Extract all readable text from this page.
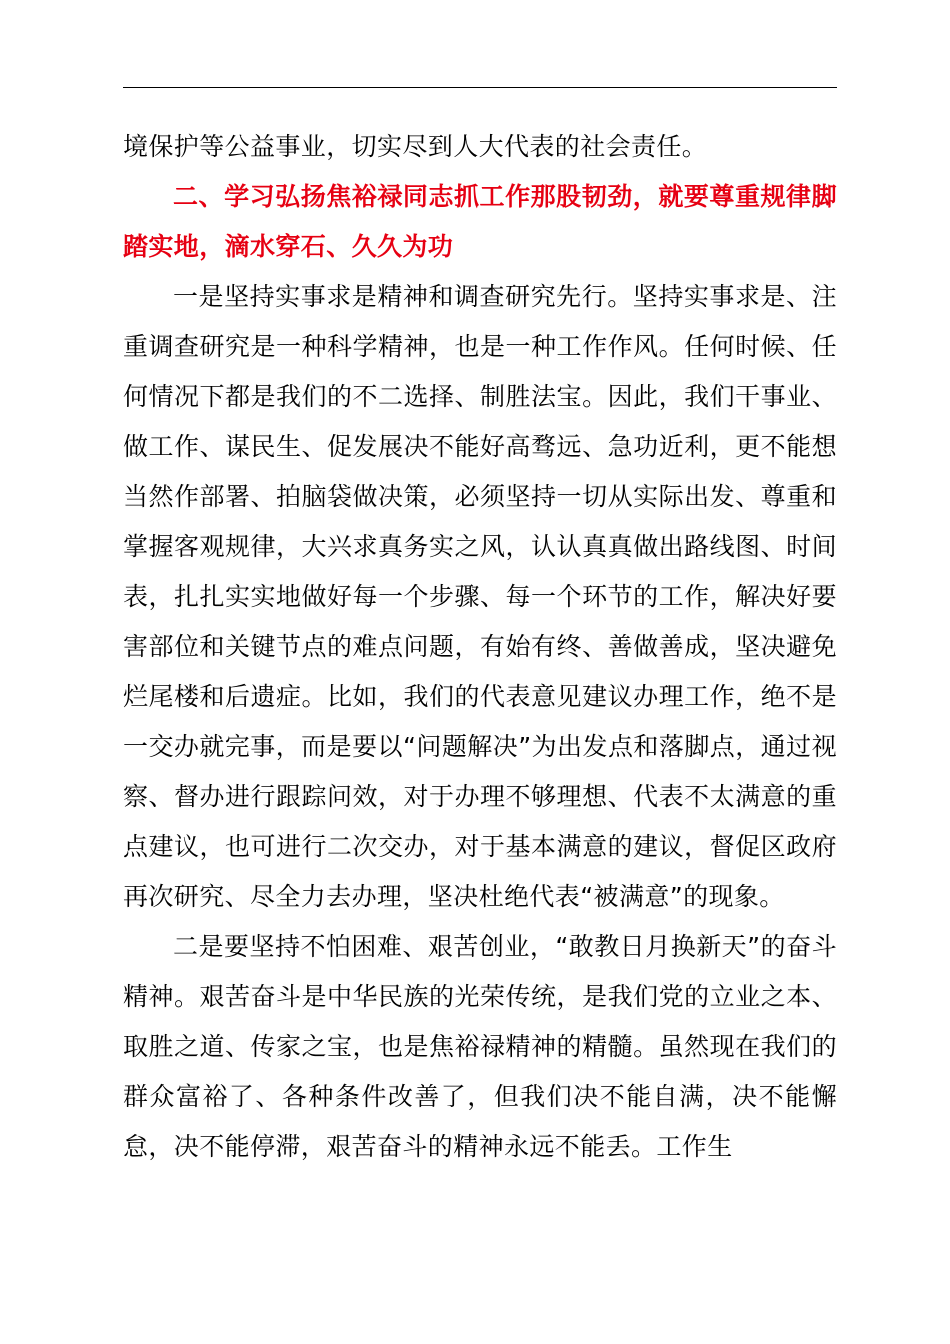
境保护等公益事业，切实尽到人大代表的社会责任。

二、学习弘扬焦裕禄同志抓工作那股韧劲，就要尊重规律脚踏实地，滴水穿石、久久为功

一是坚持实事求是精神和调查研究先行。坚持实事求是、注重调查研究是一种科学精神，也是一种工作作风。任何时候、任何情况下都是我们的不二选择、制胜法宝。因此，我们干事业、做工作、谋民生、促发展决不能好高骛远、急功近利，更不能想当然作部署、拍脑袋做决策，必须坚持一切从实际出发、尊重和掌握客观规律，大兴求真务实之风，认认真真做出路线图、时间表，扎扎实实地做好每一个步骤、每一个环节的工作，解决好要害部位和关键节点的难点问题，有始有终、善做善成，坚决避免烂尾楼和后遗症。比如，我们的代表意见建议办理工作，绝不是一交办就完事，而是要以“问题解决”为出发点和落脚点，通过视察、督办进行跟踪问效，对于办理不够理想、代表不太满意的重点建议，也可进行二次交办，对于基本满意的建议，督促区政府再次研究、尽全力去办理，坚决杜绝代表“被满意”的现象。

二是要坚持不怕困难、艰苦创业，“敢教日月换新天”的奋斗精神。艰苦奋斗是中华民族的光荣传统，是我们党的立业之本、取胜之道、传家之宝，也是焦裕禄精神的精髓。虽然现在我们的群众富裕了、各种条件改善了，但我们决不能自满，决不能懈怠，决不能停滞，艰苦奋斗的精神永远不能丢。工作生
